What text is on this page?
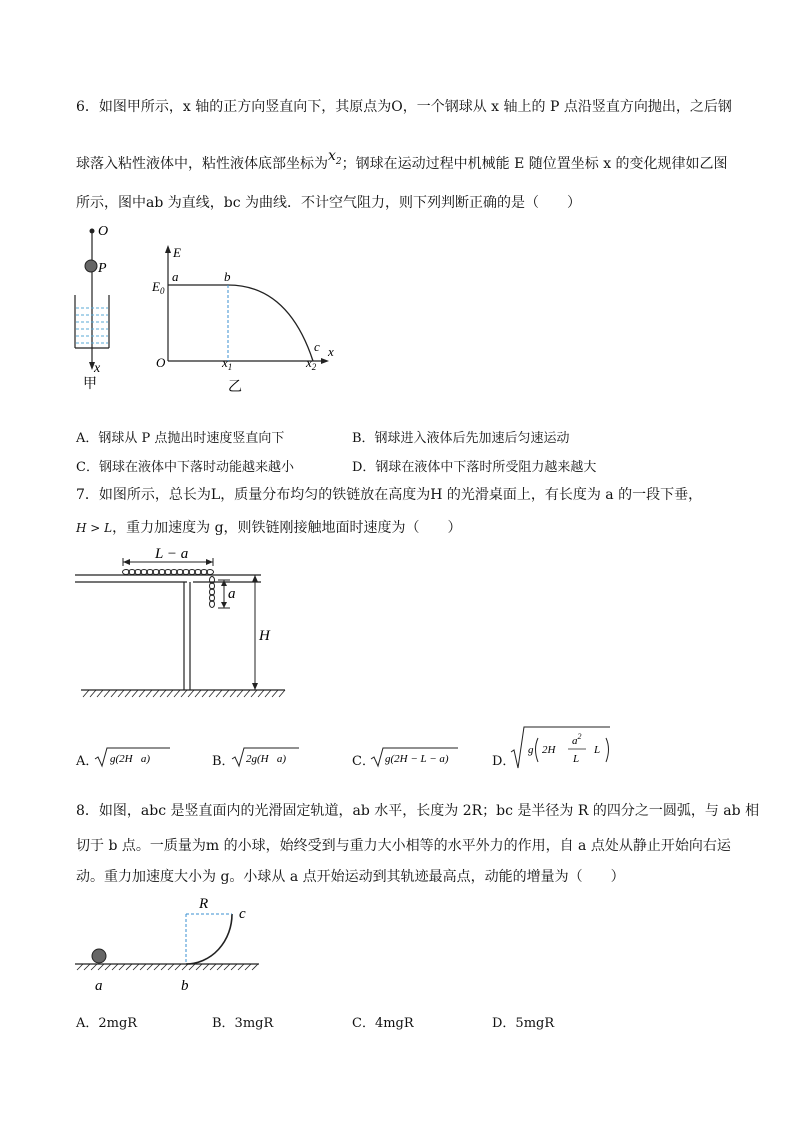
6．如图甲所示，x 轴的正方向竖直向下，其原点为O，一个钢球从 x 轴上的 P 点沿竖直方向抛出，之后钢
球落入粘性液体中，粘性液体底部坐标为$x_2$；钢球在运动过程中机械能 E 随位置坐标 x 的变化规律如乙图
所示，图中ab 为直线，bc 为曲线．不计空气阻力，则下列判断正确的是（　　）
O
P
x
甲
E
$E_0$
a	b
c
O	$x_1$	$x_2$
x
乙
A．钢球从 P 点抛出时速度竖直向下	B．钢球进入液体后先加速后匀速运动
C．钢球在液体中下落时动能越来越小	D．钢球在液体中下落时所受阻力越来越大
7．如图所示，总长为L，质量分布均匀的铁链放在高度为H 的光滑桌面上，有长度为 a 的一段下垂，
H > L，重力加速度为 g，则铁链刚接触地面时速度为（　　）
L − a
a
H
A． g(2H   a)	B． 2g(H   a)	C． g(2H − L − a)	D．
g 2H
$a^2$
L
L
8．如图，abc 是竖直面内的光滑固定轨道，ab 水平，长度为 2R；bc 是半径为 R 的四分之一圆弧，与 ab 相
切于 b 点。一质量为m 的小球，始终受到与重力大小相等的水平外力的作用，自 a 点处从静止开始向右运
动。重力加速度大小为 g。小球从 a 点开始运动到其轨迹最高点，动能的增量为（　　）
R
c
a	b
A．2mgR	B．3mgR	C．4mgR	D．5mgR
